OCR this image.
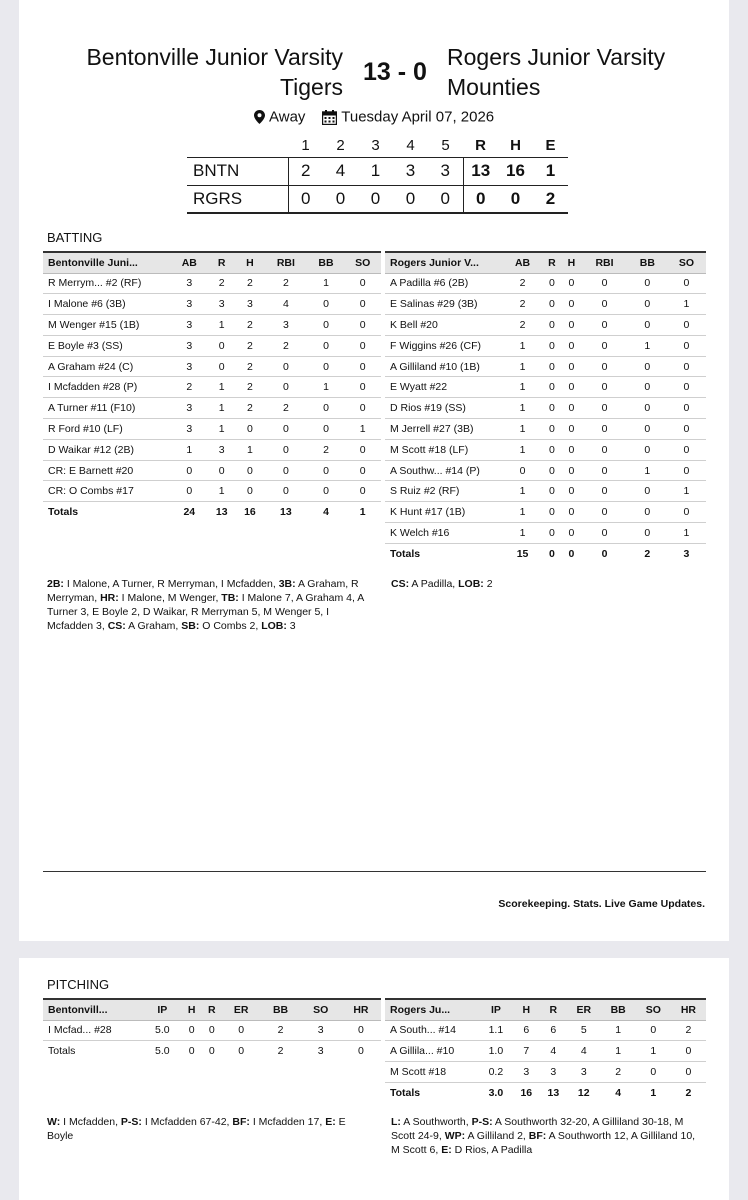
Bentonville Junior Varsity
Tigers
13 - 0
Rogers Junior Varsity
Mounties
Away Tuesday April 07, 2026
	1	2	3	4	5	R	H	E
BNTN	2	4	1	3	3	13	16	1
RGRS	0	0	0	0	0	0	0	2
BATTING
Bentonville Juni...	AB	R	H	RBI	BB	SO
R Merrym... #2 (RF)	3	2	2	2	1	0
I Malone #6 (3B)	3	3	3	4	0	0
M Wenger #15 (1B)	3	1	2	3	0	0
E Boyle #3 (SS)	3	0	2	2	0	0
A Graham #24 (C)	3	0	2	0	0	0
I Mcfadden #28 (P)	2	1	2	0	1	0
A Turner #11 (F10)	3	1	2	2	0	0
R Ford #10 (LF)	3	1	0	0	0	1
D Waikar #12 (2B)	1	3	1	0	2	0
CR: E Barnett #20	0	0	0	0	0	0
CR: O Combs #17	0	1	0	0	0	0
Totals	24	13	16	13	4	1
Rogers Junior V...	AB	R	H	RBI	BB	SO
A Padilla #6 (2B)	2	0	0	0	0	0
E Salinas #29 (3B)	2	0	0	0	0	1
K Bell #20	2	0	0	0	0	0
F Wiggins #26 (CF)	1	0	0	0	1	0
A Gilliland #10 (1B)	1	0	0	0	0	0
E Wyatt #22	1	0	0	0	0	0
D Rios #19 (SS)	1	0	0	0	0	0
M Jerrell #27 (3B)	1	0	0	0	0	0
M Scott #18 (LF)	1	0	0	0	0	0
A Southw... #14 (P)	0	0	0	0	1	0
S Ruiz #2 (RF)	1	0	0	0	0	1
K Hunt #17 (1B)	1	0	0	0	0	0
K Welch #16	1	0	0	0	0	1
Totals	15	0	0	0	2	3
2B: I Malone, A Turner, R Merryman, I Mcfadden, 3B: A Graham, R Merryman, HR: I Malone, M Wenger, TB: I Malone 7, A Graham 4, A Turner 3, E Boyle 2, D Waikar, R Merryman 5, M Wenger 5, I Mcfadden 3, CS: A Graham, SB: O Combs 2, LOB: 3
CS: A Padilla, LOB: 2
Scorekeeping. Stats. Live Game Updates.
PITCHING
Bentonvill...	IP	H	R	ER	BB	SO	HR
I Mcfad... #28	5.0	0	0	0	2	3	0
Totals	5.0	0	0	0	2	3	0
Rogers Ju...	IP	H	R	ER	BB	SO	HR
A South... #14	1.1	6	6	5	1	0	2
A Gillila... #10	1.0	7	4	4	1	1	0
M Scott #18	0.2	3	3	3	2	0	0
Totals	3.0	16	13	12	4	1	2
W: I Mcfadden, P-S: I Mcfadden 67-42, BF: I Mcfadden 17, E: E Boyle
L: A Southworth, P-S: A Southworth 32-20, A Gilliland 30-18, M Scott 24-9, WP: A Gilliland 2, BF: A Southworth 12, A Gilliland 10, M Scott 6, E: D Rios, A Padilla
